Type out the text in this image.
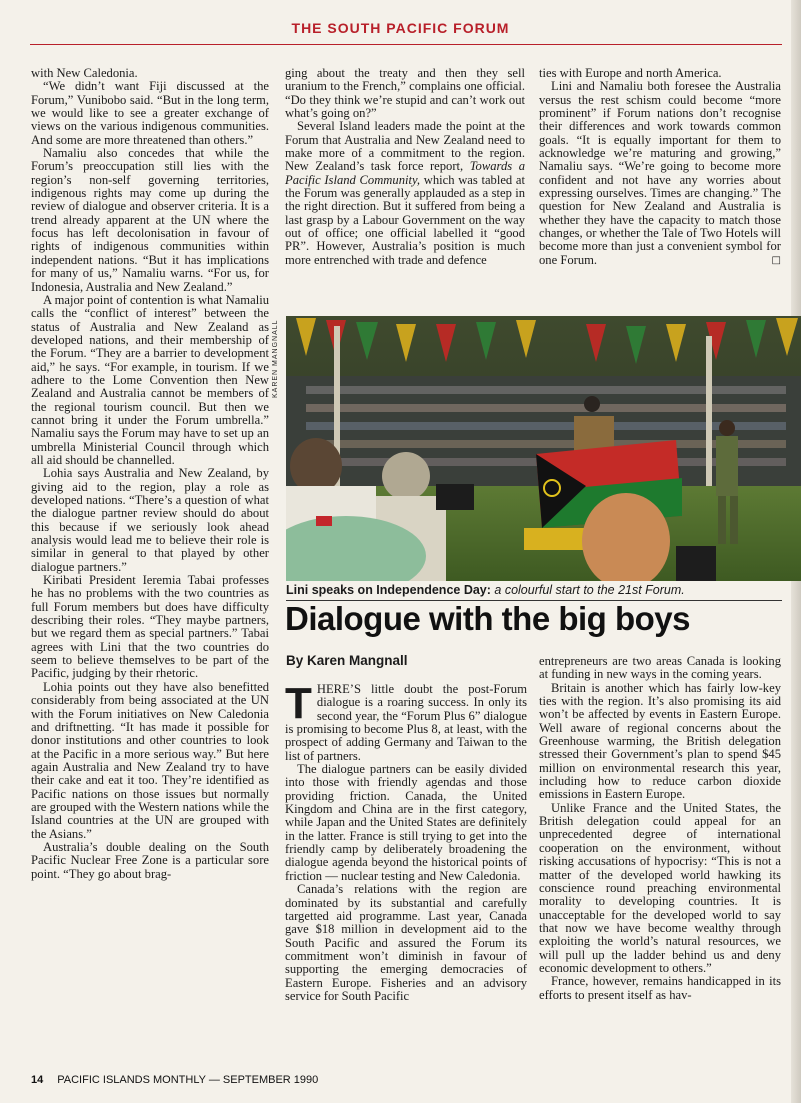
THE SOUTH PACIFIC FORUM

with New Caledonia.

“We didn’t want Fiji discussed at the Forum,” Vunibobo said. “But in the long term, we would like to see a greater exchange of views on the various indigenous communities. And some are more threatened than others.”

Namaliu also concedes that while the Forum’s preoccupation still lies with the region’s non-self governing territories, indigenous rights may come up during the review of dialogue and observer criteria. It is a trend already apparent at the UN where the focus has left decolonisation in favour of rights of indigenous communities within independent nations. “But it has implications for many of us,” Namaliu warns. “For us, for Indonesia, Australia and New Zealand.”

A major point of contention is what Namaliu calls the “conflict of interest” between the status of Australia and New Zealand as developed nations, and their membership of the Forum. “They are a barrier to development aid,” he says. “For example, in tourism. If we adhere to the Lome Convention then New Zealand and Australia cannot be members of the regional tourism council. But then we cannot bring it under the Forum umbrella.” Namaliu says the Forum may have to set up an umbrella Ministerial Council through which all aid should be channelled.

Lohia says Australia and New Zealand, by giving aid to the region, play a role as developed nations. “There’s a question of what the dialogue partner review should do about this because if we seriously look ahead analysis would lead me to believe their role is similar in general to that played by other dialogue partners.”

Kiribati President Ieremia Tabai professes he has no problems with the two countries as full Forum members but does have difficulty describing their roles. “They maybe partners, but we regard them as special partners.” Tabai agrees with Lini that the two countries do seem to believe themselves to be part of the Pacific, judging by their rhetoric.

Lohia points out they have also benefitted considerably from being associated at the UN with the Forum initiatives on New Caledonia and driftnetting. “It has made it possible for donor institutions and other countries to look at the Pacific in a more serious way.” But here again Australia and New Zealand try to have their cake and eat it too. They’re identified as Pacific nations on those issues but normally are grouped with the Western nations while the Island countries at the UN are grouped with the Asians.”

Australia’s double dealing on the South Pacific Nuclear Free Zone is a particular sore point. “They go about brag-

ging about the treaty and then they sell uranium to the French,” complains one official. “Do they think we’re stupid and can’t work out what’s going on?”

Several Island leaders made the point at the Forum that Australia and New Zealand need to make more of a commitment to the region. New Zealand’s task force report, Towards a Pacific Island Community, which was tabled at the Forum was generally applauded as a step in the right direction. But it suffered from being a last grasp by a Labour Government on the way out of office; one official labelled it “good PR”. However, Australia’s position is much more entrenched with trade and defence

ties with Europe and north America.

Lini and Namaliu both foresee the Australia versus the rest schism could become “more prominent” if Forum nations don’t recognise their differences and work towards common goals. “It is equally important for them to acknowledge we’re maturing and growing,” Namaliu says. “We’re going to become more confident and not have any worries about expressing ourselves. Times are changing.” The question for New Zealand and Australia is whether they have the capacity to match those changes, or whether the Tale of Two Hotels will become more than just a convenient symbol for one Forum.	□

KAREN MANGNALL
Lini speaks on Independence Day: a colourful start to the 21st Forum.
Dialogue with the big boys
By Karen Mangnall

THERE’S little doubt the post-Forum dialogue is a roaring success. In only its second year, the “Forum Plus 6” dialogue is promising to become Plus 8, at least, with the prospect of adding Germany and Taiwan to the list of partners.

The dialogue partners can be easily divided into those with friendly agendas and those providing friction. Canada, the United Kingdom and China are in the first category, while Japan and the United States are definitely in the latter. France is still trying to get into the friendly camp by deliberately broadening the dialogue agenda beyond the historical points of friction — nuclear testing and New Caledonia.

Canada’s relations with the region are dominated by its substantial and carefully targetted aid programme. Last year, Canada gave $18 million in development aid to the South Pacific and assured the Forum its commitment won’t diminish in favour of supporting the emerging democracies of Eastern Europe. Fisheries and an advisory service for South Pacific

entrepreneurs are two areas Canada is looking at funding in new ways in the coming years.

Britain is another which has fairly low-key ties with the region. It’s also promising its aid won’t be affected by events in Eastern Europe. Well aware of regional concerns about the Greenhouse warming, the British delegation stressed their Government’s plan to spend $45 million on environmental research this year, including how to reduce carbon dioxide emissions in Eastern Europe.

Unlike France and the United States, the British delegation could appeal for an unprecedented degree of international cooperation on the environment, without risking accusations of hypocrisy: “This is not a matter of the developed world hawking its conscience round preaching environmental morality to developing countries. It is unacceptable for the developed world to say that now we have become wealthy through exploiting the world’s natural resources, we will pull up the ladder behind us and deny economic development to others.”

France, however, remains handicapped in its efforts to present itself as hav-

14 PACIFIC ISLANDS MONTHLY — SEPTEMBER 1990
